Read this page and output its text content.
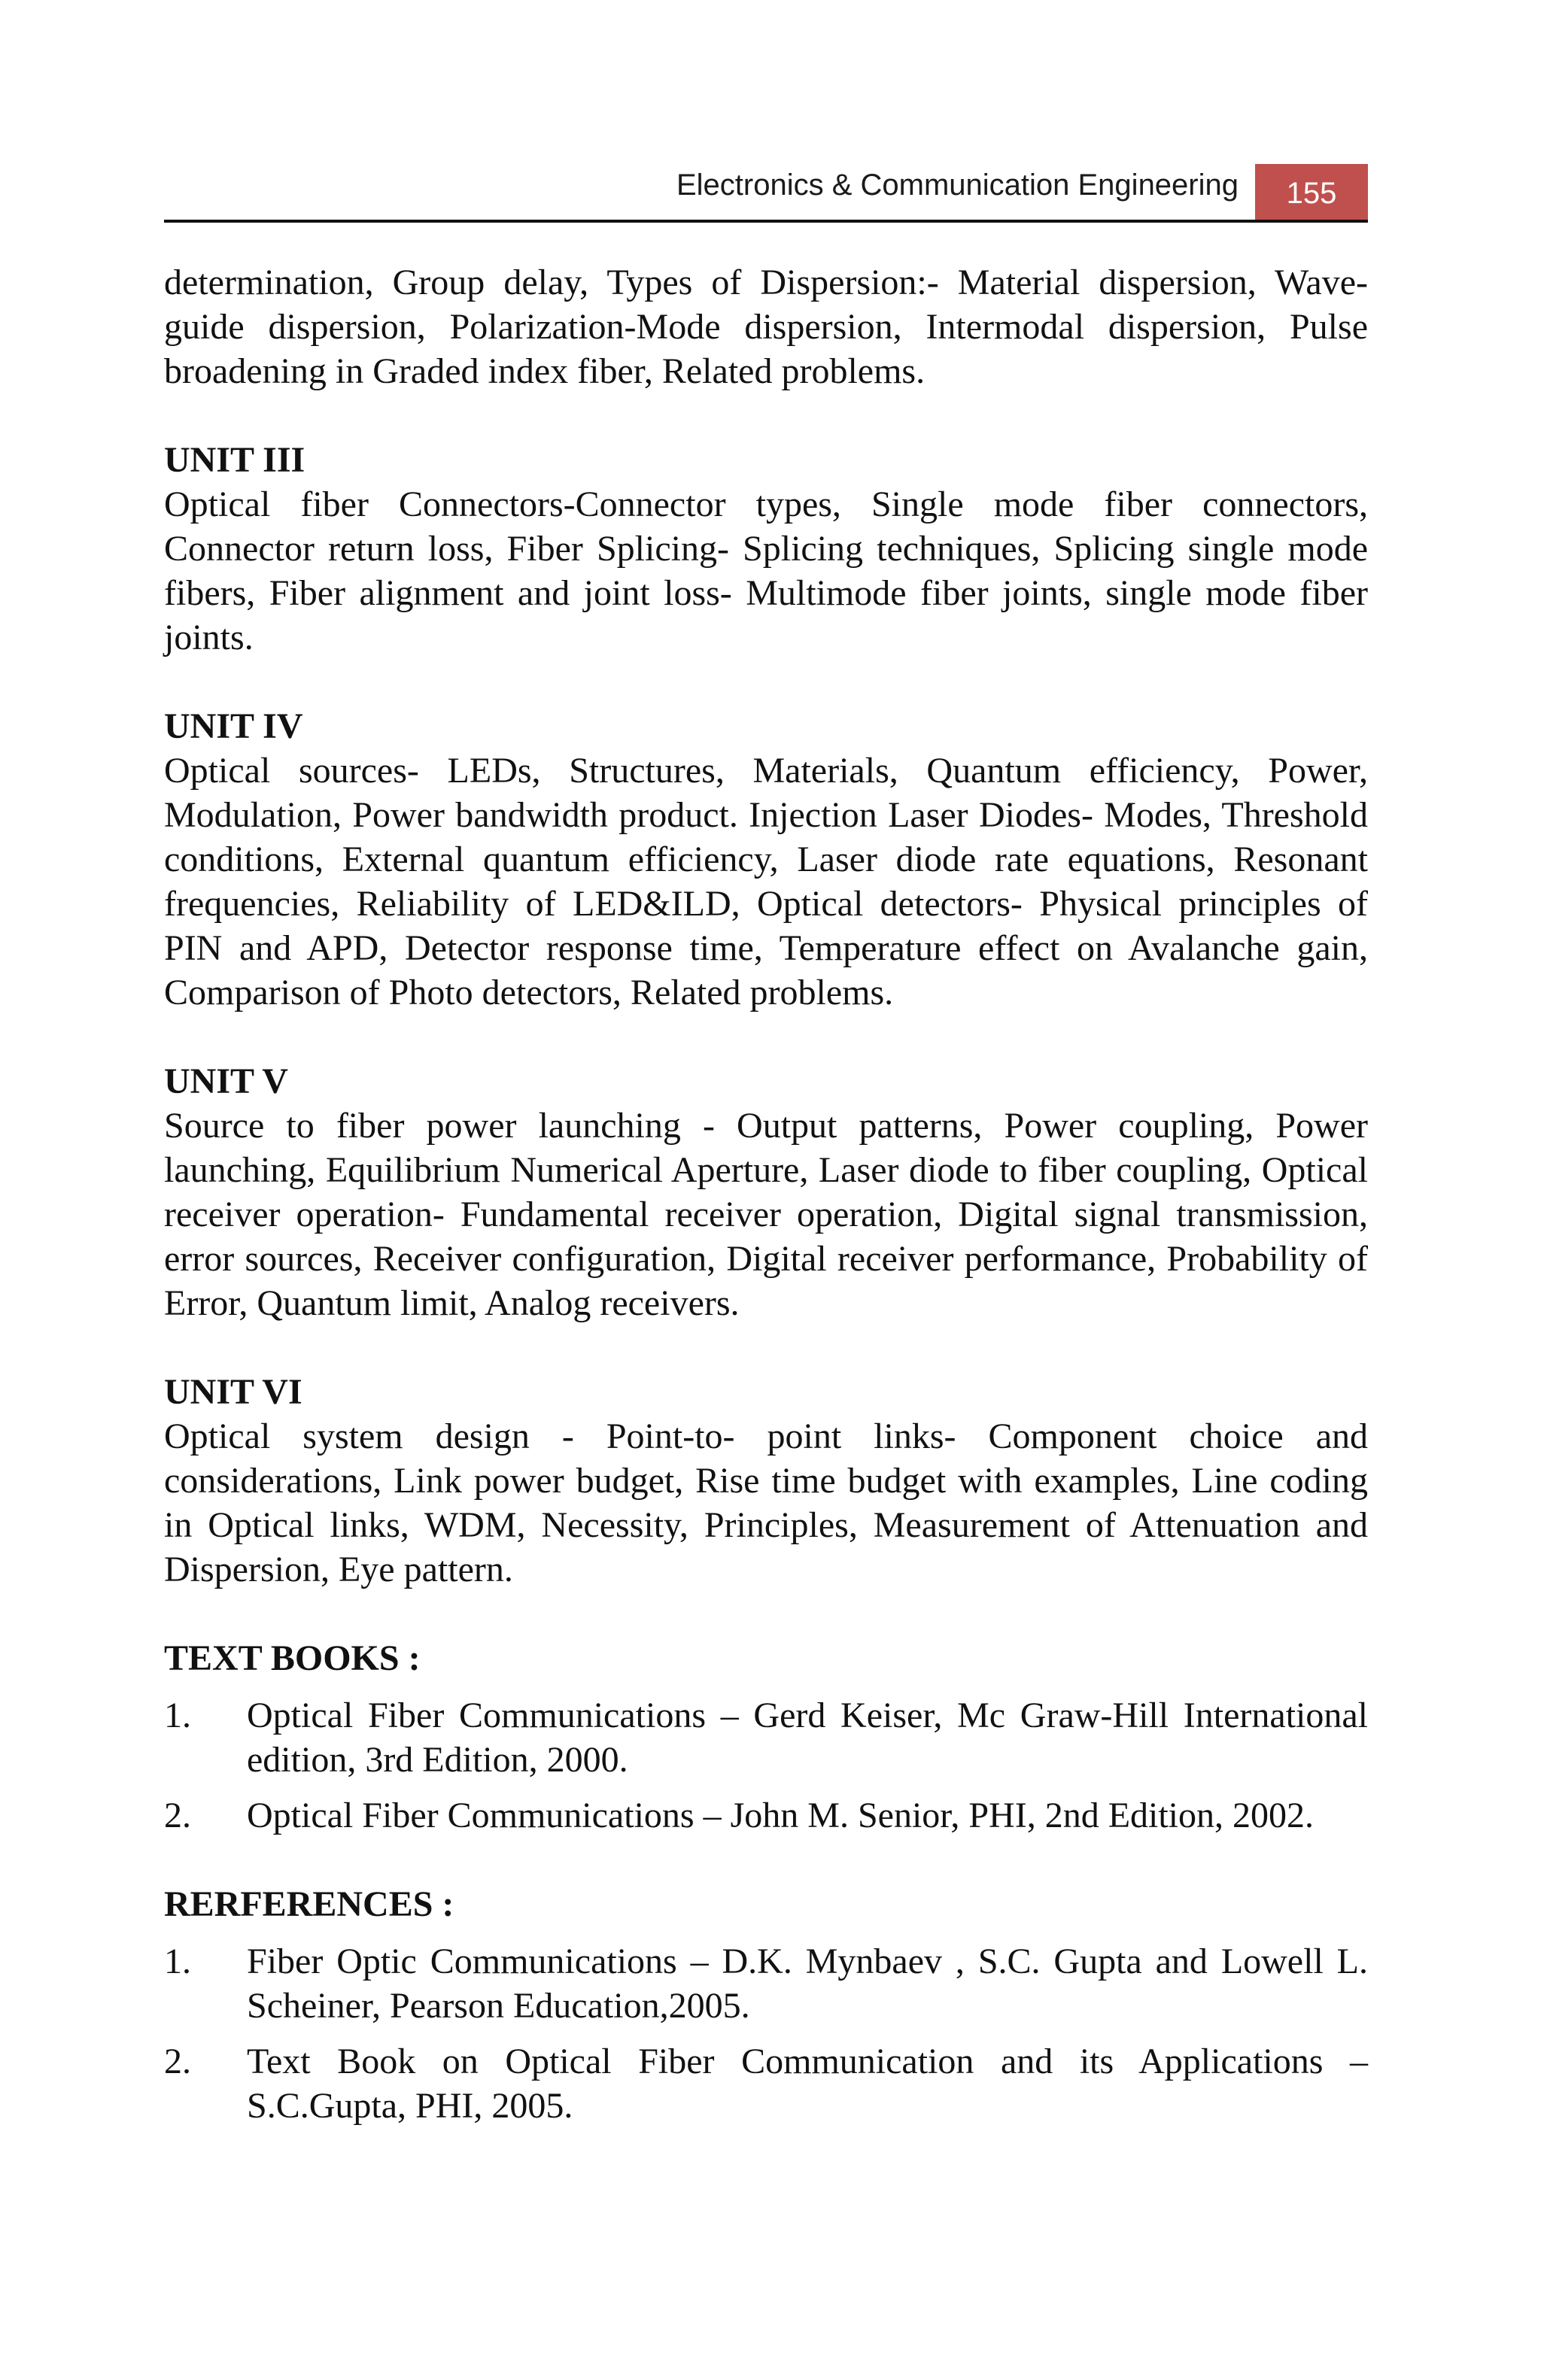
Electronics & Communication Engineering	155

determination, Group delay, Types of Dispersion:- Material dispersion, Wave-guide dispersion, Polarization-Mode dispersion, Intermodal dispersion, Pulse broadening in Graded index fiber, Related problems.

UNIT III

Optical fiber Connectors-Connector types, Single mode fiber connectors, Connector return loss, Fiber Splicing- Splicing techniques, Splicing single mode fibers, Fiber alignment and joint loss- Multimode fiber joints, single mode fiber joints.

UNIT IV

Optical sources- LEDs, Structures, Materials, Quantum efficiency, Power, Modulation, Power bandwidth product. Injection Laser Diodes- Modes, Threshold conditions, External quantum efficiency, Laser diode rate equations, Resonant frequencies, Reliability of LED&ILD, Optical detectors- Physical principles of PIN and APD, Detector response time, Temperature effect on Avalanche gain, Comparison of Photo detectors, Related problems.

UNIT V

Source to fiber power launching - Output patterns, Power coupling, Power launching, Equilibrium Numerical Aperture, Laser diode to fiber coupling, Optical receiver operation- Fundamental receiver operation, Digital signal transmission, error sources, Receiver configuration, Digital receiver performance, Probability of Error, Quantum limit, Analog receivers.

UNIT VI

Optical system design - Point-to- point links- Component choice and considerations, Link power budget, Rise time budget with examples, Line coding in Optical links, WDM, Necessity, Principles, Measurement of Attenuation and Dispersion, Eye pattern.

TEXT BOOKS :

1.	Optical Fiber Communications – Gerd Keiser, Mc Graw-Hill International edition, 3rd Edition, 2000.
2.	Optical Fiber Communications – John M. Senior, PHI, 2nd Edition, 2002.

RERFERENCES :

1.	Fiber Optic Communications – D.K. Mynbaev , S.C. Gupta and Lowell L. Scheiner, Pearson Education,2005.
2.	Text Book on Optical Fiber Communication and its Applications – S.C.Gupta, PHI, 2005.
